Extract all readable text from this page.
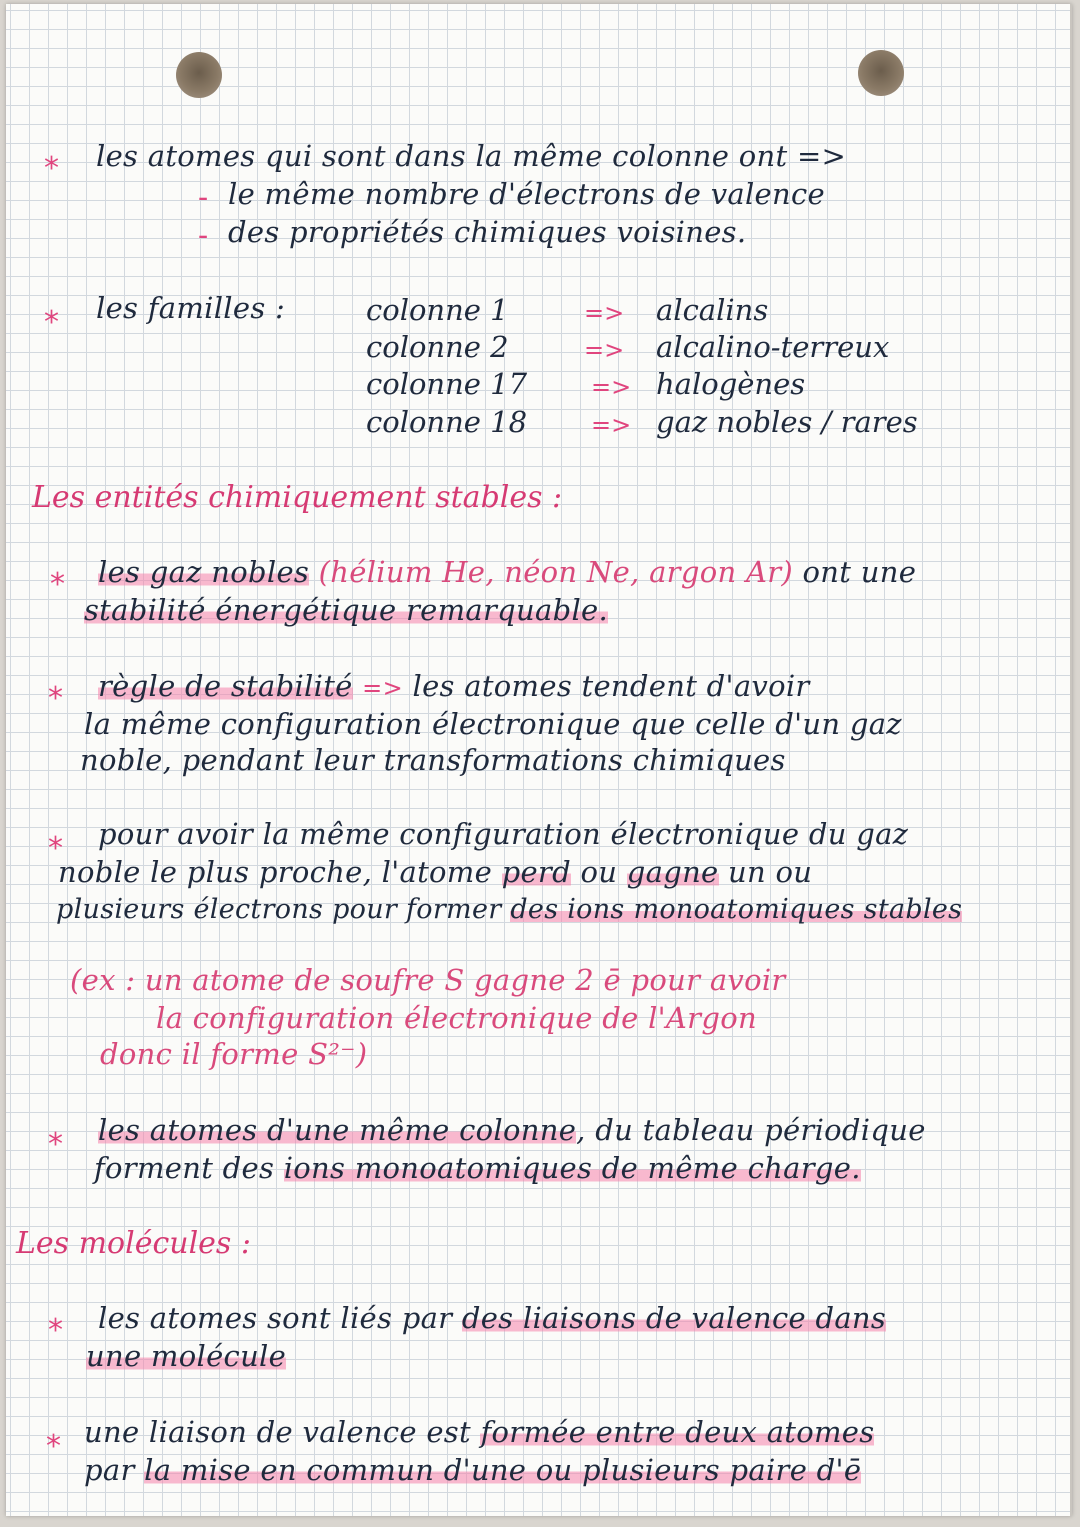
* les atomes qui sont dans la même colonne ont =>

- le même nombre d'électrons de valence

- des propriétés chimiques voisines.

* les familles :	colonne 1	=> alcalins

colonne 2	=> alcalino-terreux

colonne 17	=> halogènes

colonne 18	=> gaz nobles / rares

Les entités chimiquement stables :

* les gaz nobles (hélium He, néon Ne, argon Ar) ont une

stabilité énergétique remarquable.

* règle de stabilité => les atomes tendent d'avoir

la même configuration électronique que celle d'un gaz

noble, pendant leur transformations chimiques

* pour avoir la même configuration électronique du gaz

noble le plus proche, l'atome perd ou gagne un ou

plusieurs électrons pour former des ions monoatomiques stables

(ex : un atome de soufre S gagne 2 ē pour avoir

la configuration électronique de l'Argon

donc il forme S²⁻)

* les atomes d'une même colonne, du tableau périodique

forment des ions monoatomiques de même charge.

Les molécules :

* les atomes sont liés par des liaisons de valence dans

une molécule

* une liaison de valence est formée entre deux atomes

par la mise en commun d'une ou plusieurs paire d'ē
